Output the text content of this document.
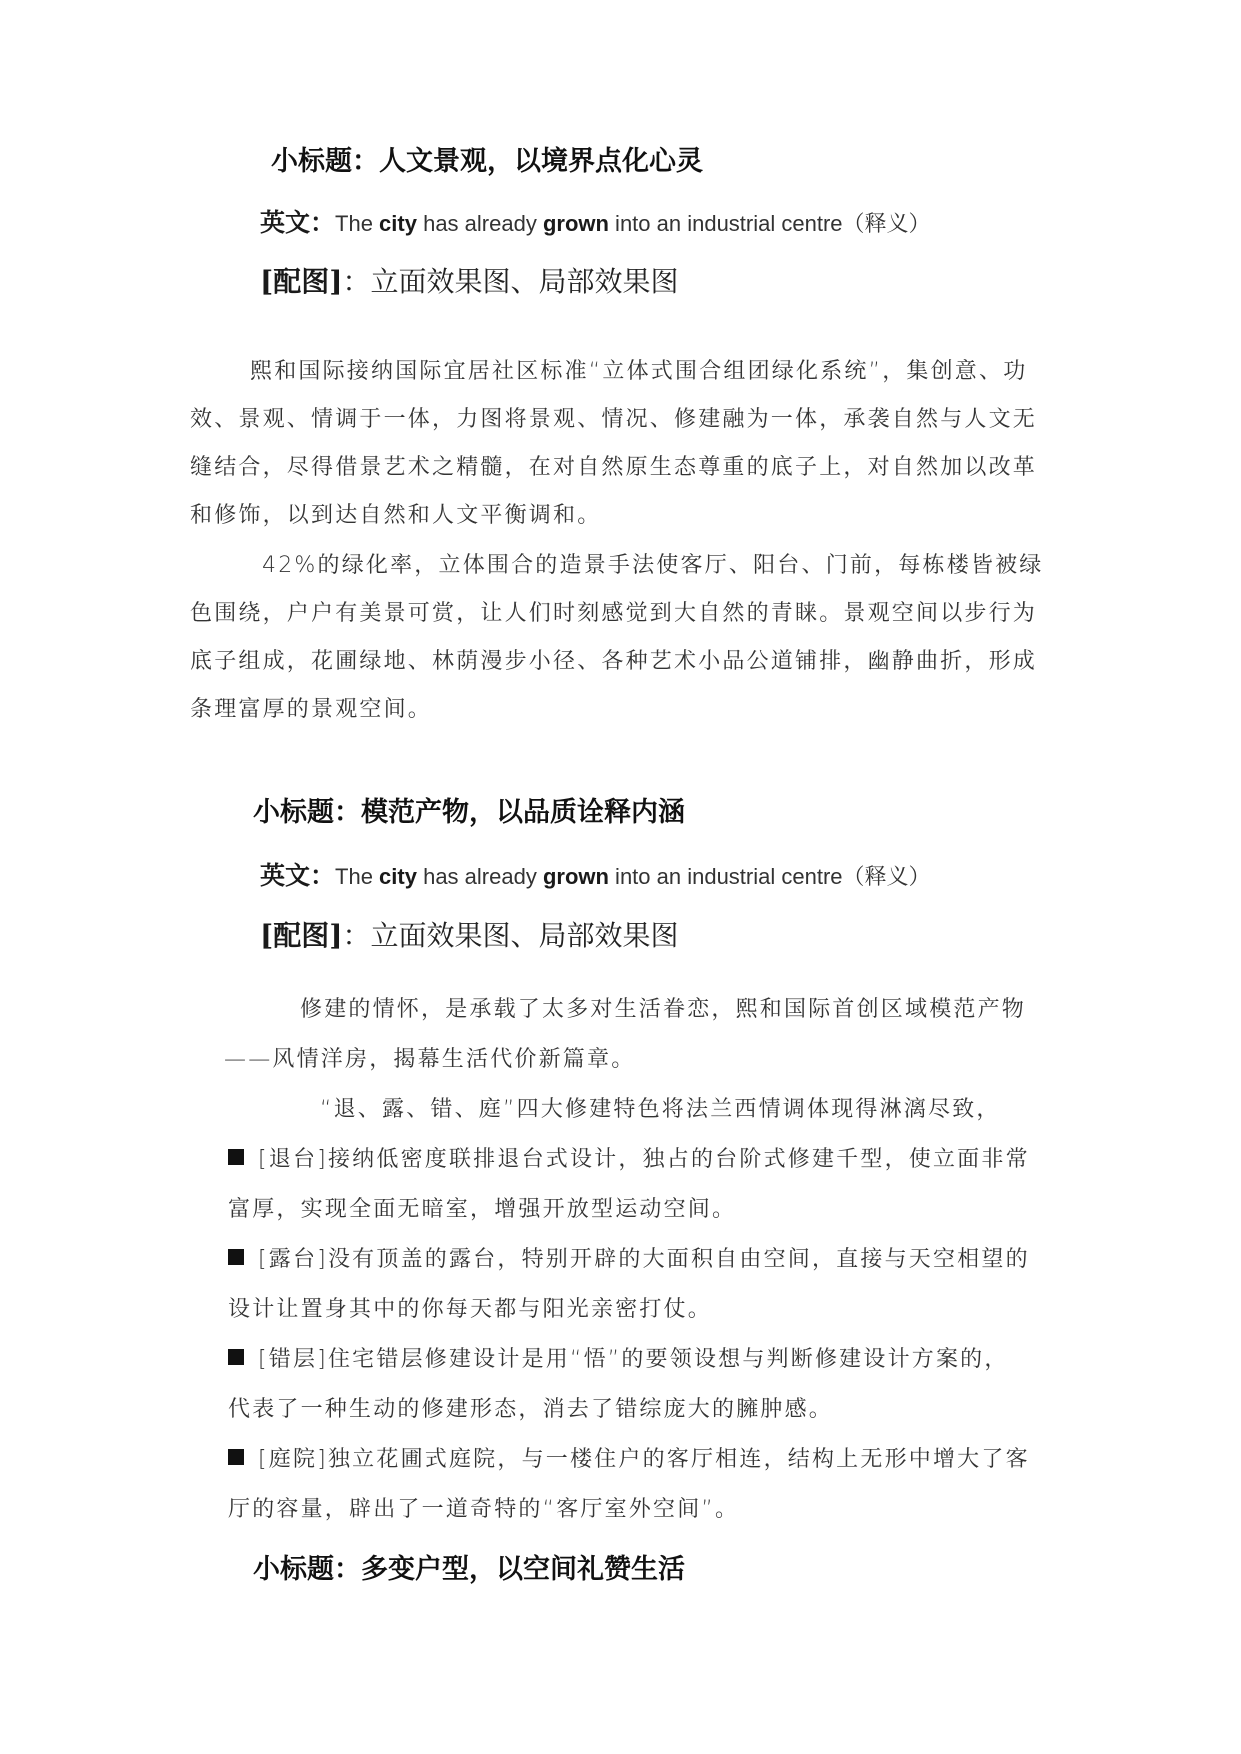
小标题：人文景观，以境界点化心灵
英文：The city has already grown into an industrial centre（释义）
[配图]：立面效果图、局部效果图
熙和国际接纳国际宜居社区标准“立体式围合组团绿化系统”，集创意、功
效、景观、情调于一体，力图将景观、情况、修建融为一体，承袭自然与人文无
缝结合，尽得借景艺术之精髓，在对自然原生态尊重的底子上，对自然加以改革
和修饰，以到达自然和人文平衡调和。
42%的绿化率，立体围合的造景手法使客厅、阳台、门前，每栋楼皆被绿
色围绕，户户有美景可赏，让人们时刻感觉到大自然的青睐。景观空间以步行为
底子组成，花圃绿地、林荫漫步小径、各种艺术小品公道铺排，幽静曲折，形成
条理富厚的景观空间。
小标题：模范产物，以品质诠释内涵
英文：The city has already grown into an industrial centre（释义）
[配图]：立面效果图、局部效果图
修建的情怀，是承载了太多对生活眷恋，熙和国际首创区域模范产物
——风情洋房，揭幕生活代价新篇章。
“退、露、错、庭”四大修建特色将法兰西情调体现得淋漓尽致，
[退台]接纳低密度联排退台式设计，独占的台阶式修建千型，使立面非常
富厚，实现全面无暗室，增强开放型运动空间。
[露台]没有顶盖的露台，特别开辟的大面积自由空间，直接与天空相望的
设计让置身其中的你每天都与阳光亲密打仗。
[错层]住宅错层修建设计是用“悟”的要领设想与判断修建设计方案的，
代表了一种生动的修建形态，消去了错综庞大的臃肿感。
[庭院]独立花圃式庭院，与一楼住户的客厅相连，结构上无形中增大了客
厅的容量，辟出了一道奇特的“客厅室外空间”。
小标题：多变户型，以空间礼赞生活
